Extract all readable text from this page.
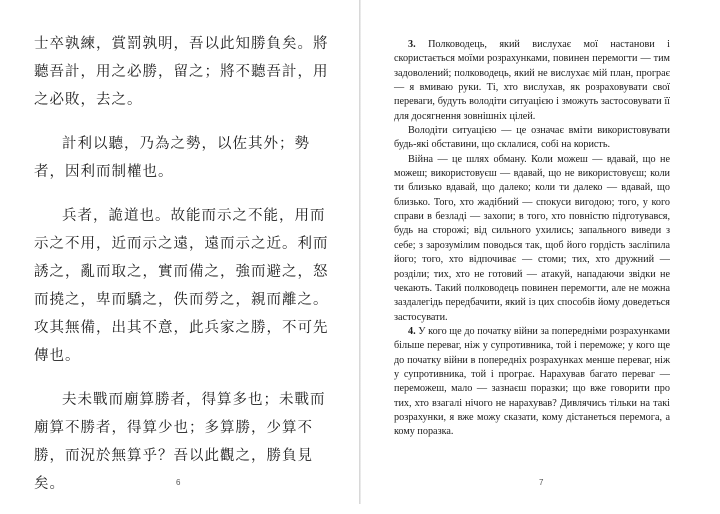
士卒孰練，賞罰孰明，吾以此知勝負矣。將聽吾計，用之必勝，留之；將不聽吾計，用之必敗，去之。

計利以聽，乃為之勢，以佐其外；勢者，因利而制權也。

兵者，詭道也。故能而示之不能，用而示之不用，近而示之遠，遠而示之近。利而誘之，亂而取之，實而備之，強而避之，怒而撓之，卑而驕之，佚而勞之，親而離之。攻其無備，出其不意，此兵家之勝，不可先傳也。

夫未戰而廟算勝者，得算多也；未戰而廟算不勝者，得算少也；多算勝，少算不勝，而況於無算乎？吾以此觀之，勝負見矣。	6

3. Полководець, який вислухає мої настанови і скористається моїми розрахунками, повинен перемогти — тим задоволений; полководець, який не вислухає мій план, програє — я вмиваю руки. Ті, хто вислухав, як розраховувати свої переваги, будуть володіти ситуацією і зможуть застосовувати її для досягнення зовнішніх цілей.

Володіти ситуацією — це означає вміти використовувати будь-які обставини, що склалися, собі на користь.

Війна — це шлях обману. Коли можеш — вдавай, що не можеш; використовуєш — вдавай, що не використовуєш; коли ти близько вдавай, що далеко; коли ти далеко — вдавай, що близько. Того, хто жадібний — спокуси вигодою; того, у кого справи в безладі — захопи; в того, хто повністю підготувався, будь на сторожі; від сильного ухились; запального виведи з себе; з зарозумілим поводься так, щоб його гордість засліпила його; того, хто відпочиває — стоми; тих, хто дружний — розділи; тих, хто не готовий — атакуй, нападаючи звідки не чекають. Такий полководець повинен перемогти, але не можна заздалегідь передбачити, який із цих способів йому доведеться застосувати.

4. У кого ще до початку війни за попередніми розрахунками більше переваг, ніж у супротивника, той і переможе; у кого ще до початку війни в попередніх розрахунках менше переваг, ніж у супротивника, той і програє. Нарахував багато переваг — переможеш, мало — зазнаєш поразки; що вже говорити про тих, хто взагалі нічого не нарахував? Дивлячись тільки на такі розрахунки, я вже можу сказати, кому дістанеться перемога, а кому поразка.

7
